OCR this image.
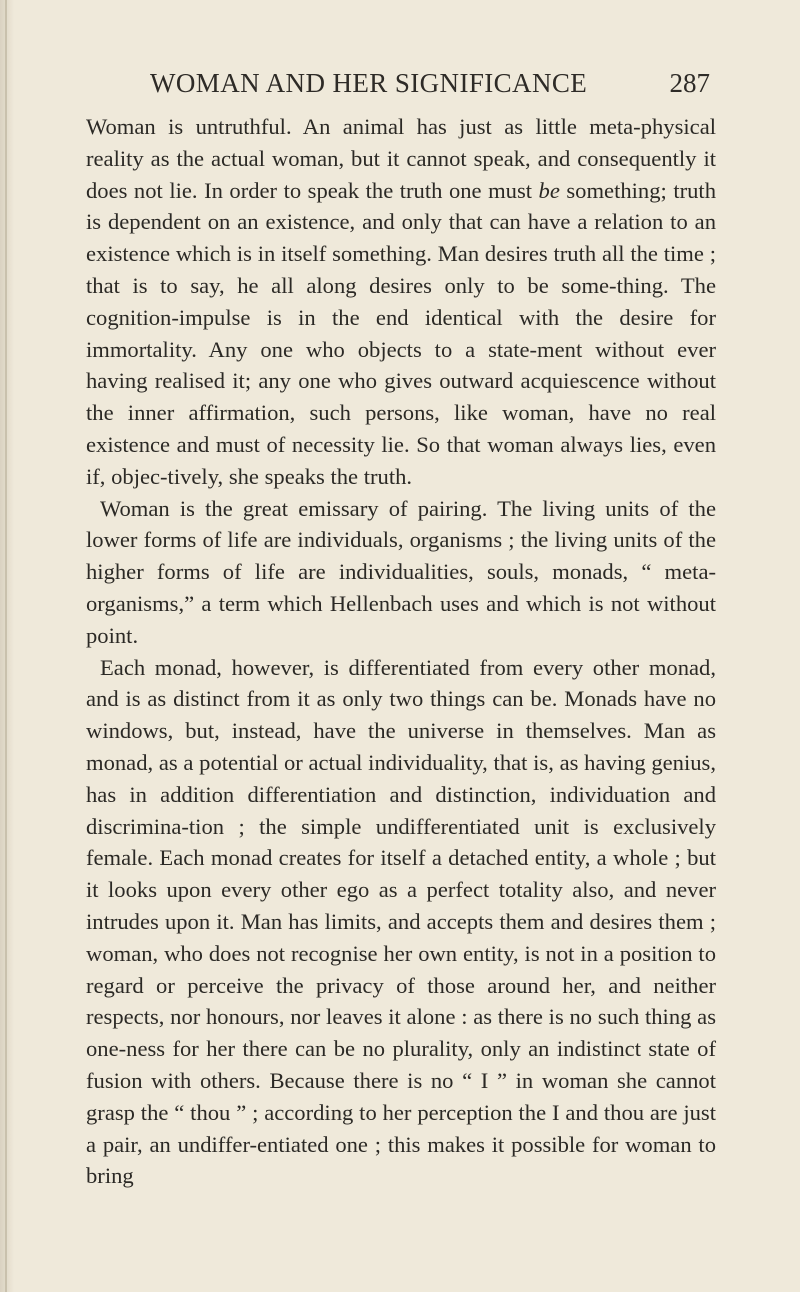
WOMAN AND HER SIGNIFICANCE	287

Woman is untruthful. An animal has just as little meta-physical reality as the actual woman, but it cannot speak, and consequently it does not lie. In order to speak the truth one must be something; truth is dependent on an existence, and only that can have a relation to an existence which is in itself something. Man desires truth all the time ; that is to say, he all along desires only to be some-thing. The cognition-impulse is in the end identical with the desire for immortality. Any one who objects to a state-ment without ever having realised it; any one who gives outward acquiescence without the inner affirmation, such persons, like woman, have no real existence and must of necessity lie. So that woman always lies, even if, objec-tively, she speaks the truth.

Woman is the great emissary of pairing. The living units of the lower forms of life are individuals, organisms ; the living units of the higher forms of life are individualities, souls, monads, “ meta-organisms,” a term which Hellenbach uses and which is not without point.

Each monad, however, is differentiated from every other monad, and is as distinct from it as only two things can be. Monads have no windows, but, instead, have the universe in themselves. Man as monad, as a potential or actual individuality, that is, as having genius, has in addition differentiation and distinction, individuation and discrimina-tion ; the simple undifferentiated unit is exclusively female. Each monad creates for itself a detached entity, a whole ; but it looks upon every other ego as a perfect totality also, and never intrudes upon it. Man has limits, and accepts them and desires them ; woman, who does not recognise her own entity, is not in a position to regard or perceive the privacy of those around her, and neither respects, nor honours, nor leaves it alone : as there is no such thing as one-ness for her there can be no plurality, only an indistinct state of fusion with others. Because there is no “ I ” in woman she cannot grasp the “ thou ” ; according to her perception the I and thou are just a pair, an undiffer-entiated one ; this makes it possible for woman to bring
